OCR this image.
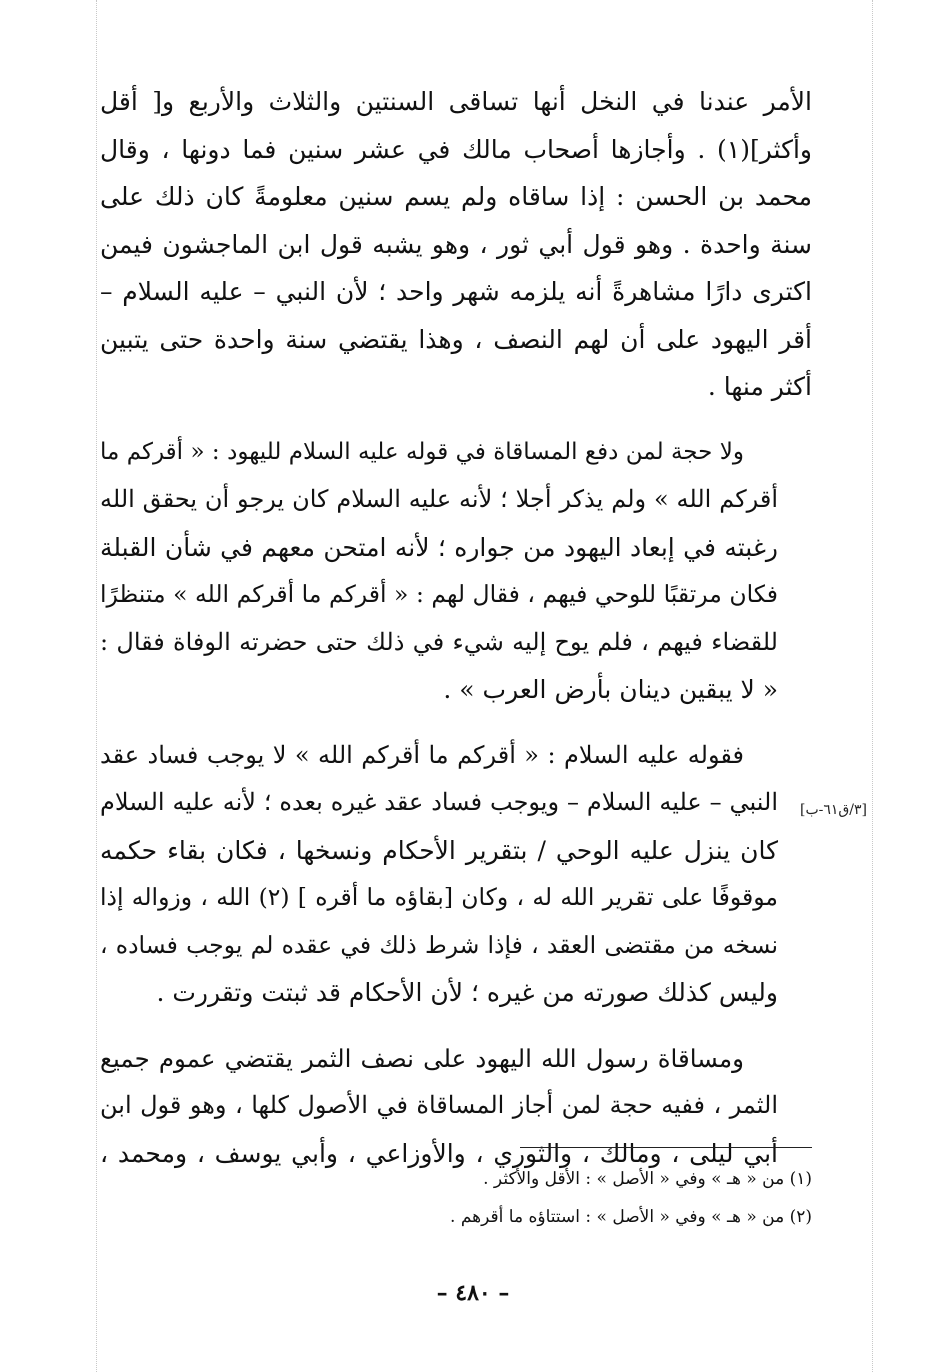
الأمر عندنا في النخل أنها تساقى السنتين والثلاث والأربع و[ أقل
وأكثر](١) . وأجازها أصحاب مالك في عشر سنين فما دونها ، وقال
محمد بن الحسن : إذا ساقاه ولم يسم سنين معلومةً كان ذلك على
سنة واحدة . وهو قول أبي ثور ، وهو يشبه قول ابن الماجشون فيمن
اكترى دارًا مشاهرةً أنه يلزمه شهر واحد ؛ لأن النبي – عليه السلام –
أقر اليهود على أن لهم النصف ، وهذا يقتضي سنة واحدة حتى يتبين
أكثر منها .
ولا حجة لمن دفع المساقاة في قوله عليه السلام لليهود : « أقركم ما
أقركم الله » ولم يذكر أجلا ؛ لأنه عليه السلام كان يرجو أن يحقق الله
رغبته في إبعاد اليهود من جواره ؛ لأنه امتحن معهم في شأن القبلة
فكان مرتقبًا للوحي فيهم ، فقال لهم : « أقركم ما أقركم الله » متنظرًا
للقضاء فيهم ، فلم يوح إليه شيء في ذلك حتى حضرته الوفاة فقال :
« لا يبقين دينان بأرض العرب » .
فقوله عليه السلام : « أقركم ما أقركم الله » لا يوجب فساد عقد
النبي – عليه السلام – ويوجب فساد عقد غيره بعده ؛ لأنه عليه السلام
كان ينزل عليه الوحي / بتقرير الأحكام ونسخها ، فكان بقاء حكمه
موقوفًا على تقرير الله له ، وكان [بقاؤه ما أقره ] (٢) الله ، وزواله إذا
نسخه من مقتضى العقد ، فإذا شرط ذلك في عقده لم يوجب فساده ،
وليس كذلك صورته من غيره ؛ لأن الأحكام قد ثبتت وتقررت .
ومساقاة رسول الله اليهود على نصف الثمر يقتضي عموم جميع
الثمر ، ففيه حجة لمن أجاز المساقاة في الأصول كلها ، وهو قول ابن
أبي ليلى ، ومالك ، والثوري ، والأوزاعي ، وأبي يوسف ، ومحمد ،
[٣/ق٦١-ب]
(١) من « هـ » وفي « الأصل » : الأقل والأكثر .
(٢) من « هـ » وفي « الأصل » : استتاؤه ما أقرهم .
– ٤٨٠ –
